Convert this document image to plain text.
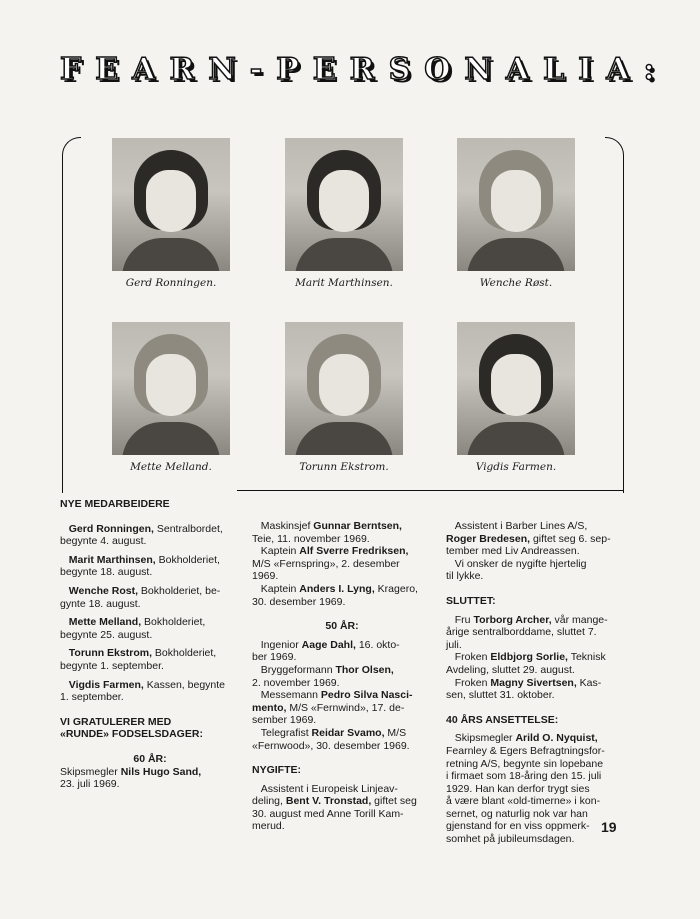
FEARN-PERSONALIA:
Gerd Ronningen.	Marit Marthinsen.	Wenche Røst.
Mette Melland.	Torunn Ekstrom.	Vigdis Farmen.

NYE MEDARBEIDERE

Gerd Ronningen, Sentralbordet,
begynte 4. august.

Marit Marthinsen, Bokholderiet,
begynte 18. august.

Wenche Rost, Bokholderiet, be-
gynte 18. august.

Mette Melland, Bokholderiet,
begynte 25. august.

Torunn Ekstrom, Bokholderiet,
begynte 1. september.

Vigdis Farmen, Kassen, begynte
1. september.

VI GRATULERER MED
«RUNDE» FODSELSDAGER:

60 ÅR:

Skipsmegler Nils Hugo Sand,
23. juli 1969.

Maskinsjef Gunnar Berntsen,
Teie, 11. november 1969.

Kaptein Alf Sverre Fredriksen,
M/S «Fernspring», 2. desember
1969.

Kaptein Anders I. Lyng, Kragero,
30. desember 1969.

50 ÅR:

Ingenior Aage Dahl, 16. okto-
ber 1969.

Bryggeformann Thor Olsen,
2. november 1969.

Messemann Pedro Silva Nasci-
mento, M/S «Fernwind», 17. de-
sember 1969.

Telegrafist Reidar Svamo, M/S
«Fernwood», 30. desember 1969.

NYGIFTE:

Assistent i Europeisk Linjeav-
deling, Bent V. Tronstad, giftet seg
30. august med Anne Torill Kam-
merud.

Assistent i Barber Lines A/S,
Roger Bredesen, giftet seg 6. sep-
tember med Liv Andreassen.

Vi onsker de nygifte hjertelig
til lykke.

SLUTTET:

Fru Torborg Archer, vår mange-
årige sentralborddame, sluttet 7.
juli.

Froken Eldbjorg Sorlie, Teknisk
Avdeling, sluttet 29. august.

Froken Magny Sivertsen, Kas-
sen, sluttet 31. oktober.

40 ÅRS ANSETTELSE:

Skipsmegler Arild O. Nyquist,
Fearnley & Egers Befragtningsfor-
retning A/S, begynte sin lopebane
i firmaet som 18-åring den 15. juli
1929. Han kan derfor trygt sies
å være blant «old-timerne» i kon-
sernet, og naturlig nok var han
gjenstand for en viss oppmerk-
somhet på jubileumsdagen.

19
